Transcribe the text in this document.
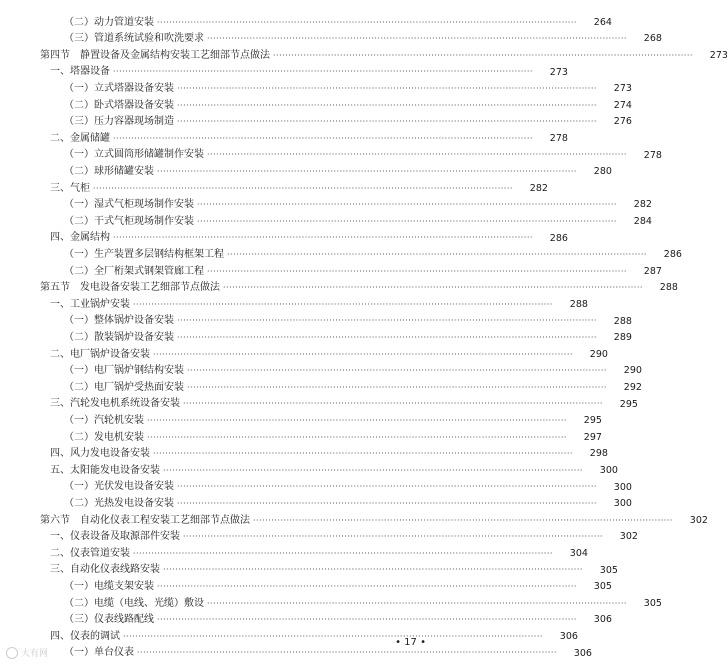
（二）动力管道安装 ·····	264
（三）管道系统试验和吹洗要求 ·····	268
第四节　静置设备及金属结构安装工艺细部节点做法 ·····	273
一、塔器设备 ·····	273
（一）立式塔器设备安装 ·····	273
（二）卧式塔器设备安装 ·····	274
（三）压力容器现场制造 ·····	276
二、金属储罐 ·····	278
（一）立式圆筒形储罐制作安装 ·····	278
（二）球形储罐安装 ·····	280
三、气柜 ·····	282
（一）湿式气柜现场制作安装 ·····	282
（二）干式气柜现场制作安装 ·····	284
四、金属结构 ·····	286
（一）生产装置多层钢结构框架工程 ·····	286
（二）全厂桁架式钢架管廊工程 ·····	287
第五节　发电设备安装工艺细部节点做法 ·····	288
一、工业锅炉安装 ·····	288
（一）整体锅炉设备安装 ·····	288
（二）散装锅炉设备安装 ·····	289
二、电厂锅炉设备安装 ·····	290
（一）电厂锅炉钢结构安装 ·····	290
（二）电厂锅炉受热面安装 ·····	292
三、汽轮发电机系统设备安装 ·····	295
（一）汽轮机安装 ·····	295
（二）发电机安装 ·····	297
四、风力发电设备安装 ·····	298
五、太阳能发电设备安装 ·····	300
（一）光伏发电设备安装 ·····	300
（二）光热发电设备安装 ·····	300
第六节　自动化仪表工程安装工艺细部节点做法 ·····	302
一、仪表设备及取源部件安装 ·····	302
二、仪表管道安装 ·····	304
三、自动化仪表线路安装 ·····	305
（一）电缆支架安装 ·····	305
（二）电缆（电线、光缆）敷设 ·····	305
（三）仪表线路配线 ·····	306
四、仪表的调试 ·····	306
（一）单台仪表 ·····	306
• 17 •
大有网
